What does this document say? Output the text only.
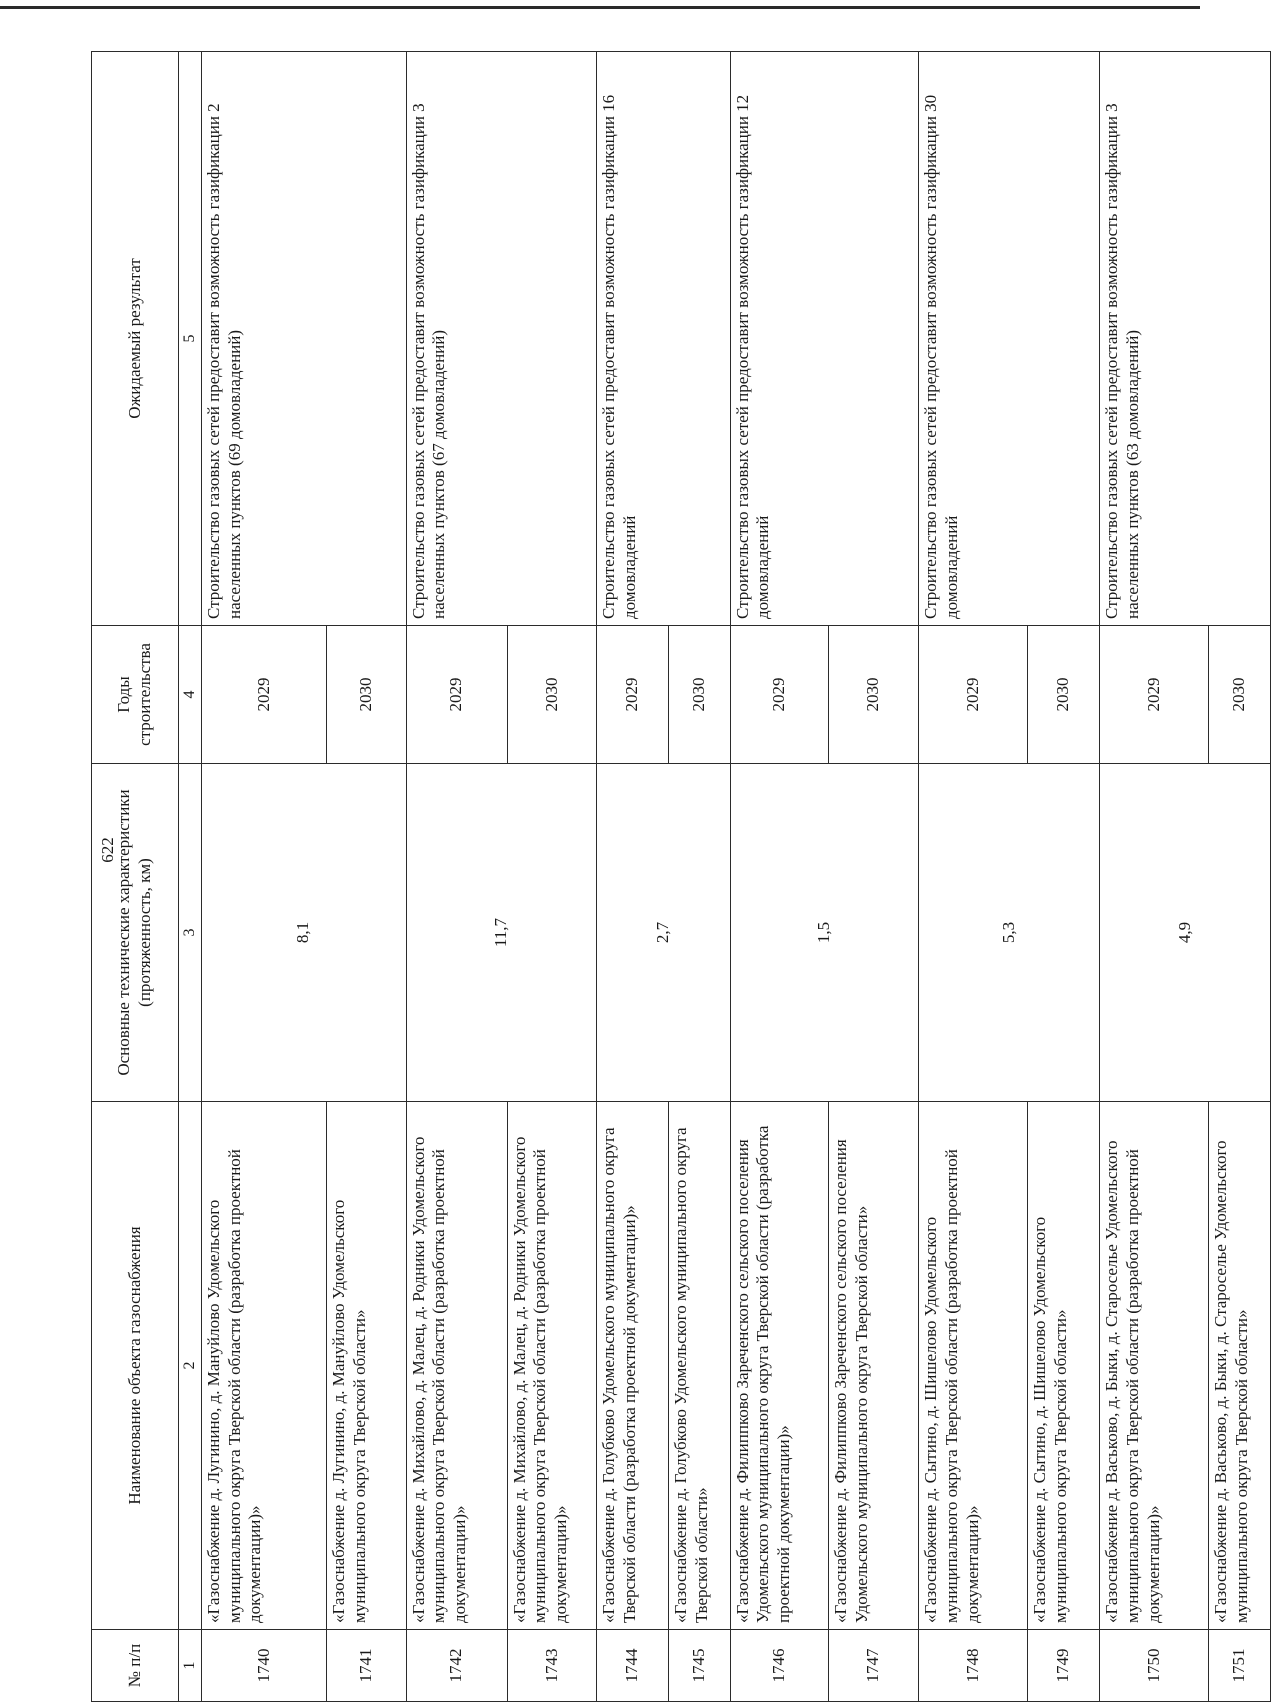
622
№ п/п	Наименование объекта газоснабжения	Основные технические характеристики (протяженность, км)	Годы строительства	Ожидаемый результат
1	2	3	4	5
1740	«Газоснабжение д. Лугинино, д. Мануйлово Удомельского муниципального округа Тверской области (разработка проектной документации)»	8,1	2029	Строительство газовых сетей предоставит возможность газификации 2 населенных пунктов (69 домовладений)
1741	«Газоснабжение д. Лугинино, д. Мануйлово Удомельского муниципального округа Тверской области»		2030	
1742	«Газоснабжение д. Михайлово, д. Малец, д. Родники Удомельского муниципального округа Тверской области (разработка проектной документации)»	11,7	2029	Строительство газовых сетей предоставит возможность газификации 3 населенных пунктов (67 домовладений)
1743	«Газоснабжение д. Михайлово, д. Малец, д. Родники Удомельского муниципального округа Тверской области (разработка проектной документации)»		2030	
1744	«Газоснабжение д. Голубково Удомельского муниципального округа Тверской области (разработка проектной документации)»	2,7	2029	Строительство газовых сетей предоставит возможность газификации 16 домовладений
1745	«Газоснабжение д. Голубково Удомельского муниципального округа Тверской области»		2030	
1746	«Газоснабжение д. Филиппково Зареченского сельского поселения Удомельского муниципального округа Тверской области (разработка проектной документации)»	1,5	2029	Строительство газовых сетей предоставит возможность газификации 12 домовладений
1747	«Газоснабжение д. Филиппково Зареченского сельского поселения Удомельского муниципального округа Тверской области»		2030	
1748	«Газоснабжение д. Сытино, д. Шишелово Удомельского муниципального округа Тверской области (разработка проектной документации)»	5,3	2029	Строительство газовых сетей предоставит возможность газификации 30 домовладений
1749	«Газоснабжение д. Сытино, д. Шишелово Удомельского муниципального округа Тверской области»		2030	
1750	«Газоснабжение д. Васьково, д. Быки, д. Староселье Удомельского муниципального округа Тверской области (разработка проектной документации)»	4,9	2029	Строительство газовых сетей предоставит возможность газификации 3 населенных пунктов (63 домовладений)
1751	«Газоснабжение д. Васьково, д. Быки, д. Староселье Удомельского муниципального округа Тверской области»		2030	
